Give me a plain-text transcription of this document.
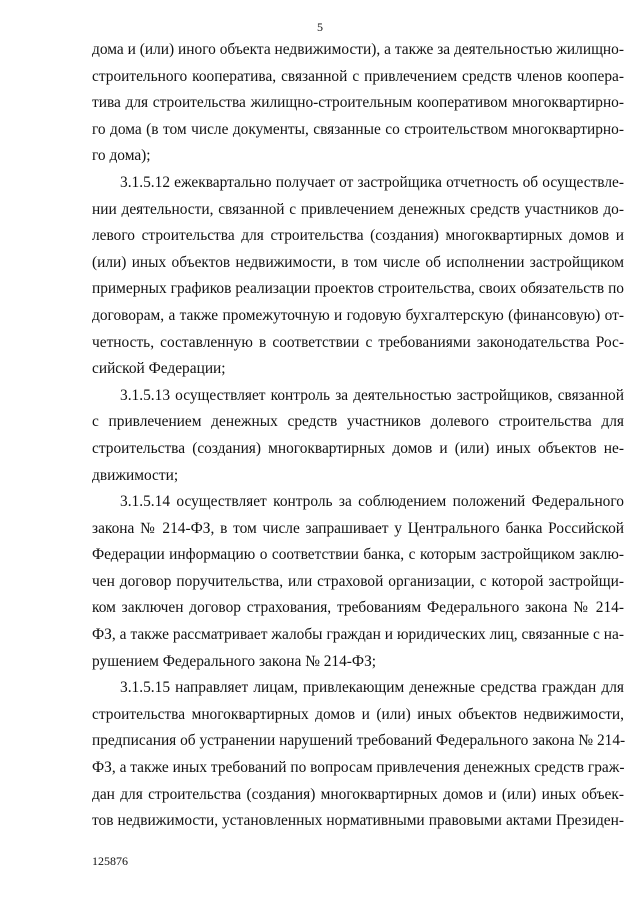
5
дома и (или) иного объекта недвижимости), а также за деятельностью жилищно-
строительного кооператива, связанной с привлечением средств членов коопера-
тива для строительства жилищно-строительным кооперативом многоквартирно-
го дома (в том числе документы, связанные со строительством многоквартирно-
го дома);
3.1.5.12 ежеквартально получает от застройщика отчетность об осуществле-
нии деятельности, связанной с привлечением денежных средств участников до-
левого строительства для строительства (создания) многоквартирных домов и
(или) иных объектов недвижимости, в том числе об исполнении застройщиком
примерных графиков реализации проектов строительства, своих обязательств по
договорам, а также промежуточную и годовую бухгалтерскую (финансовую) от-
четность, составленную в соответствии с требованиями законодательства Рос-
сийской Федерации;
3.1.5.13 осуществляет контроль за деятельностью застройщиков, связанной
с привлечением денежных средств участников долевого строительства для
строительства (создания) многоквартирных домов и (или) иных объектов не-
движимости;
3.1.5.14 осуществляет контроль за соблюдением положений Федерального
закона № 214-ФЗ, в том числе запрашивает у Центрального банка Российской
Федерации информацию о соответствии банка, с которым застройщиком заклю-
чен договор поручительства, или страховой организации, с которой застройщи-
ком заключен договор страхования, требованиям Федерального закона № 214-
ФЗ, а также рассматривает жалобы граждан и юридических лиц, связанные с на-
рушением Федерального закона № 214-ФЗ;
3.1.5.15 направляет лицам, привлекающим денежные средства граждан для
строительства многоквартирных домов и (или) иных объектов недвижимости,
предписания об устранении нарушений требований Федерального закона № 214-
ФЗ, а также иных требований по вопросам привлечения денежных средств граж-
дан для строительства (создания) многоквартирных домов и (или) иных объек-
тов недвижимости, установленных нормативными правовыми актами Президен-
125876
